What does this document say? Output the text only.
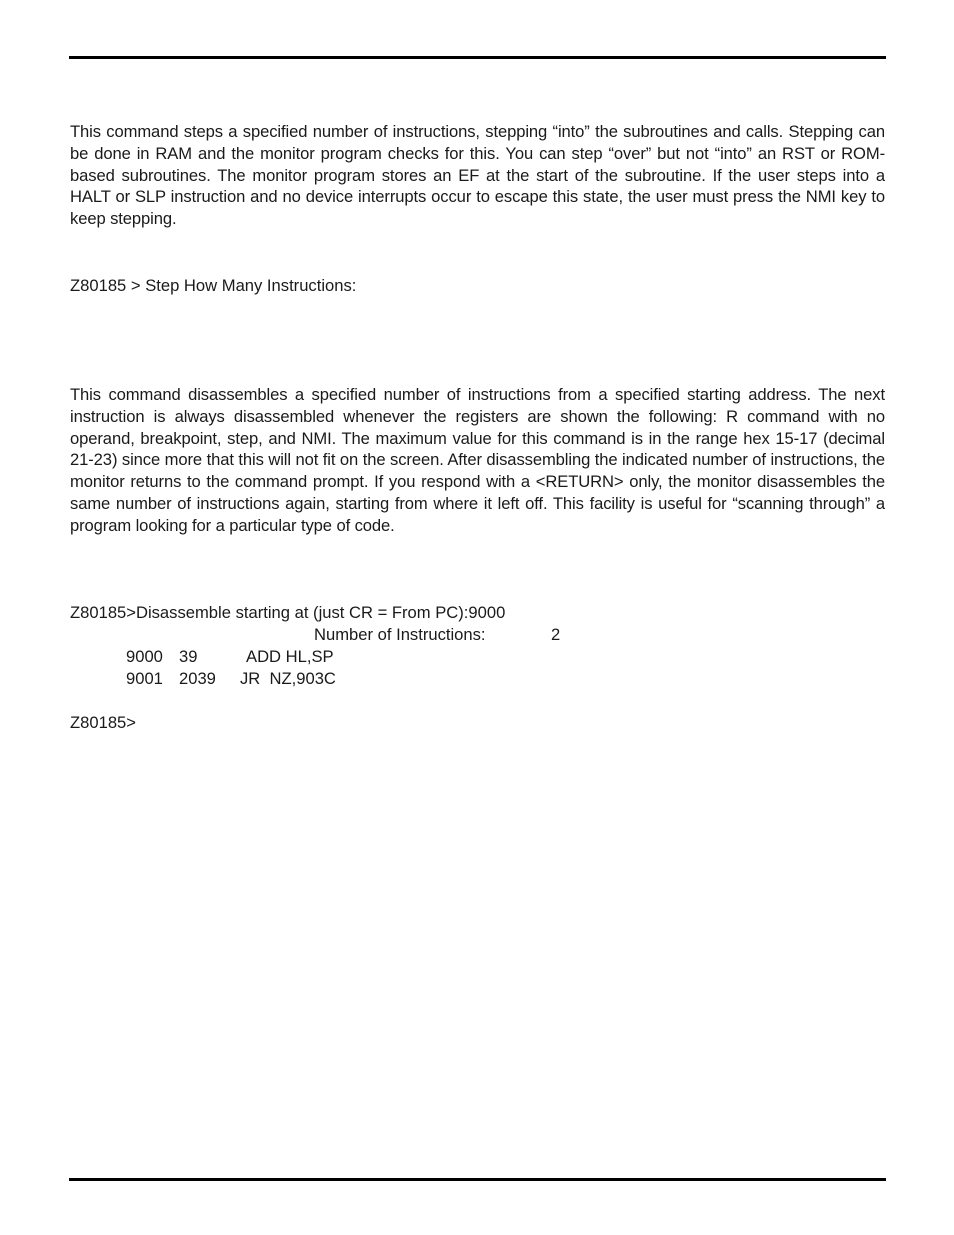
This command steps a specified number of instructions, stepping “into” the subroutines and calls. Stepping can be done in RAM and the monitor program checks for this. You can step “over” but not “into” an RST or ROM-based subroutines. The monitor program stores an EF at the start of the subroutine. If the user steps into a HALT or SLP instruction and no device interrupts occur to escape this state, the user must press the NMI key to keep stepping.

Z80185 > Step How Many Instructions:

This command disassembles a specified number of instructions from a specified starting address. The next instruction is always disassembled whenever the registers are shown the following: R command with no operand, breakpoint, step, and NMI. The maximum value for this command is in the range hex 15-17 (decimal 21-23) since more that this will not fit on the screen. After disassembling the indicated number of instructions, the monitor returns to the command prompt. If you respond with a <RETURN> only, the monitor disassembles the same number of instructions again, starting from where it left off. This facility is useful for “scanning through” a program looking for a particular type of code.

Z80185>Disassemble starting at (just CR = From PC):9000
Number of Instructions:	2
9000 39	ADD HL,SP
9001 2039 JR  NZ,903C
Z80185>
